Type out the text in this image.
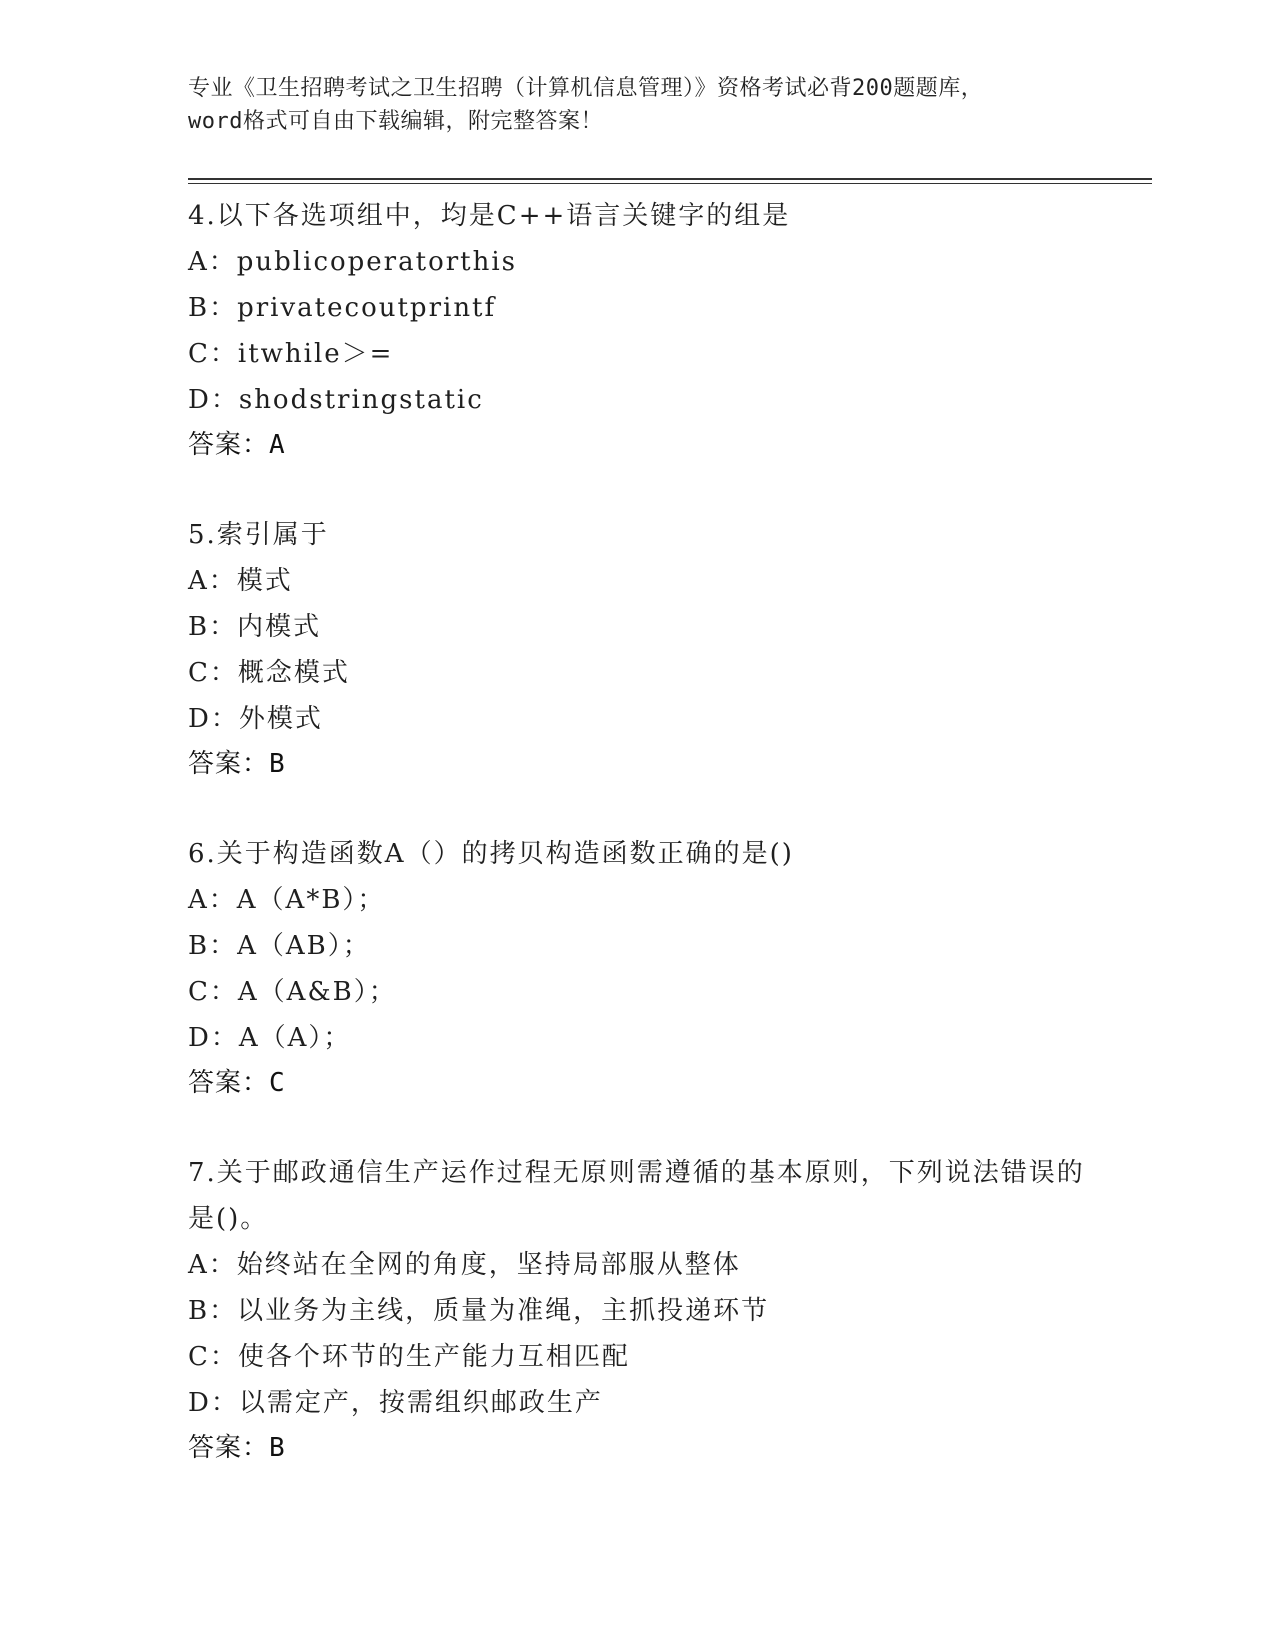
专业《卫生招聘考试之卫生招聘（计算机信息管理）》资格考试必背200题题库，
word格式可自由下载编辑，附完整答案！
4.以下各选项组中，均是C++语言关键字的组是
A：publicoperatorthis
B：privatecoutprintf
C：itwhile＞=
D：shodstringstatic
答案：A
5.索引属于
A：模式
B：内模式
C：概念模式
D：外模式
答案：B
6.关于构造函数A（）的拷贝构造函数正确的是()
A：A（A*B）；
B：A（AB）；
C：A（A&B）；
D：A（A）；
答案：C
7.关于邮政通信生产运作过程无原则需遵循的基本原则，下列说法错误的是()。
A：始终站在全网的角度，坚持局部服从整体
B：以业务为主线，质量为准绳，主抓投递环节
C：使各个环节的生产能力互相匹配
D：以需定产，按需组织邮政生产
答案：B
